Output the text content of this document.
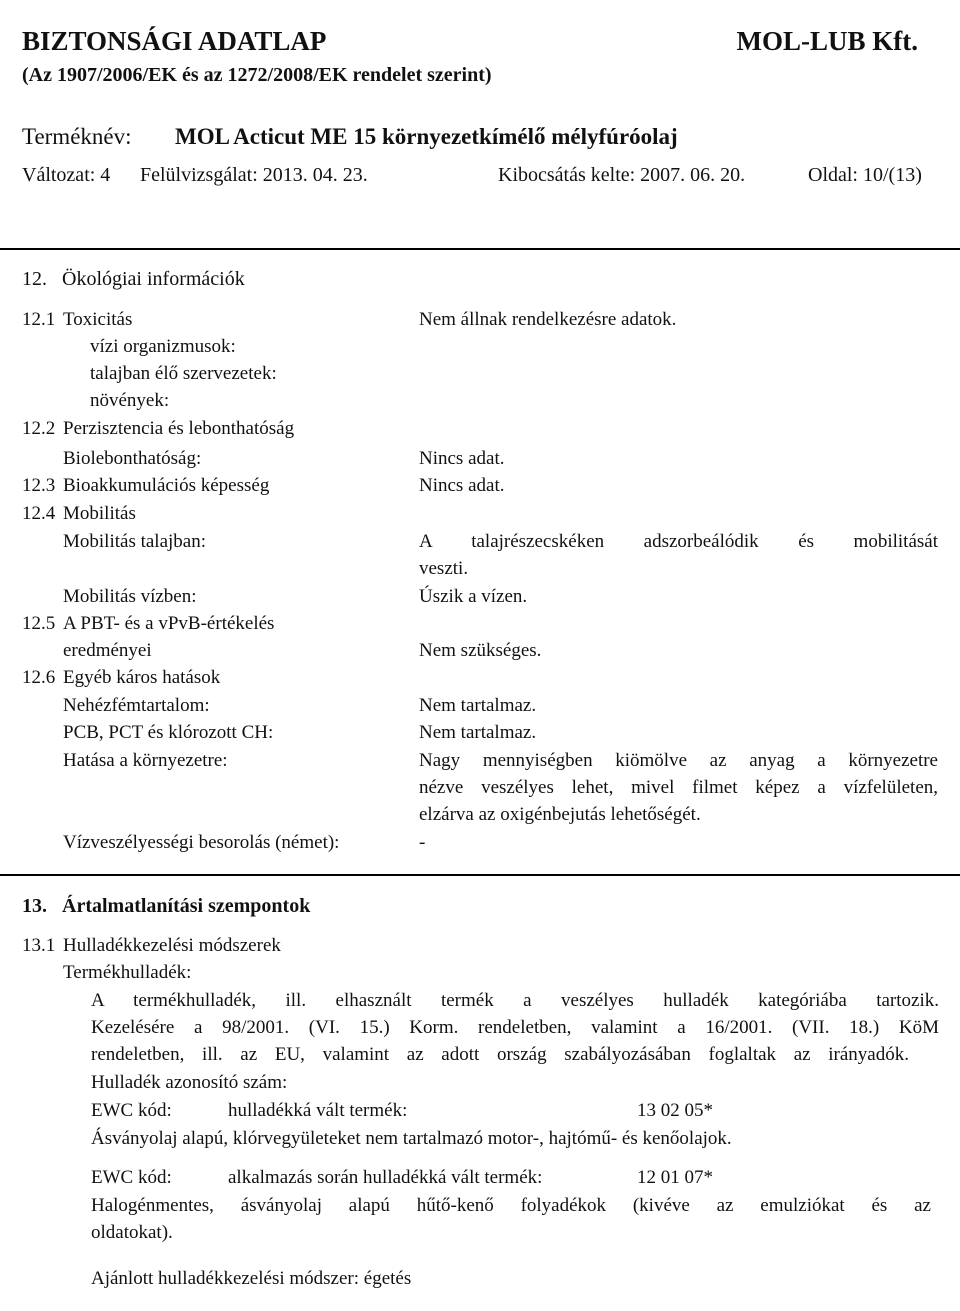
BIZTONSÁGI ADATLAP	MOL-LUB Kft.
(Az 1907/2006/EK és az 1272/2008/EK rendelet szerint)
Terméknév: MOL Acticut ME 15 környezetkímélő mélyfúróolaj
Változat: 4 Felülvizsgálat: 2013. 04. 23.	Kibocsátás kelte: 2007. 06. 20.	Oldal: 10/(13)
12. Ökológiai információk
12.1 Toxicitás	Nem állnak rendelkezésre adatok.
vízi organizmusok:
talajban élő szervezetek:
növények:
12.2 Perzisztencia és lebonthatóság
Biolebonthatóság:	Nincs adat.
12.3 Bioakkumulációs képesség	Nincs adat.
12.4 Mobilitás
Mobilitás talajban:	A talajrészecskéken adszorbeálódik és mobilitását
veszti.
Mobilitás vízben:	Úszik a vízen.
12.5 A PBT- és a vPvB-értékelés
eredményei	Nem szükséges.
12.6 Egyéb káros hatások
Nehézfémtartalom:	Nem tartalmaz.
PCB, PCT és klórozott CH:	Nem tartalmaz.
Hatása a környezetre:	Nagy mennyiségben kiömölve az anyag a környezetre
nézve veszélyes lehet, mivel filmet képez a vízfelületen,
elzárva az oxigénbejutás lehetőségét.
Vízveszélyességi besorolás (német):	-
13. Ártalmatlanítási szempontok
13.1 Hulladékkezelési módszerek
Termékhulladék:
A termékhulladék, ill. elhasznált termék a veszélyes hulladék kategóriába tartozik.
Kezelésére a 98/2001. (VI. 15.) Korm. rendeletben, valamint a 16/2001. (VII. 18.) KöM
rendeletben, ill. az EU, valamint az adott ország szabályozásában foglaltak az irányadók.
Hulladék azonosító szám:
EWC kód:	hulladékká vált termék:	13 02 05*
Ásványolaj alapú, klórvegyületeket nem tartalmazó motor-, hajtómű- és kenőolajok.
EWC kód:	alkalmazás során hulladékká vált termék:	12 01 07*
Halogénmentes, ásványolaj alapú hűtő-kenő folyadékok (kivéve az emulziókat és az
oldatokat).
Ajánlott hulladékkezelési módszer: égetés
